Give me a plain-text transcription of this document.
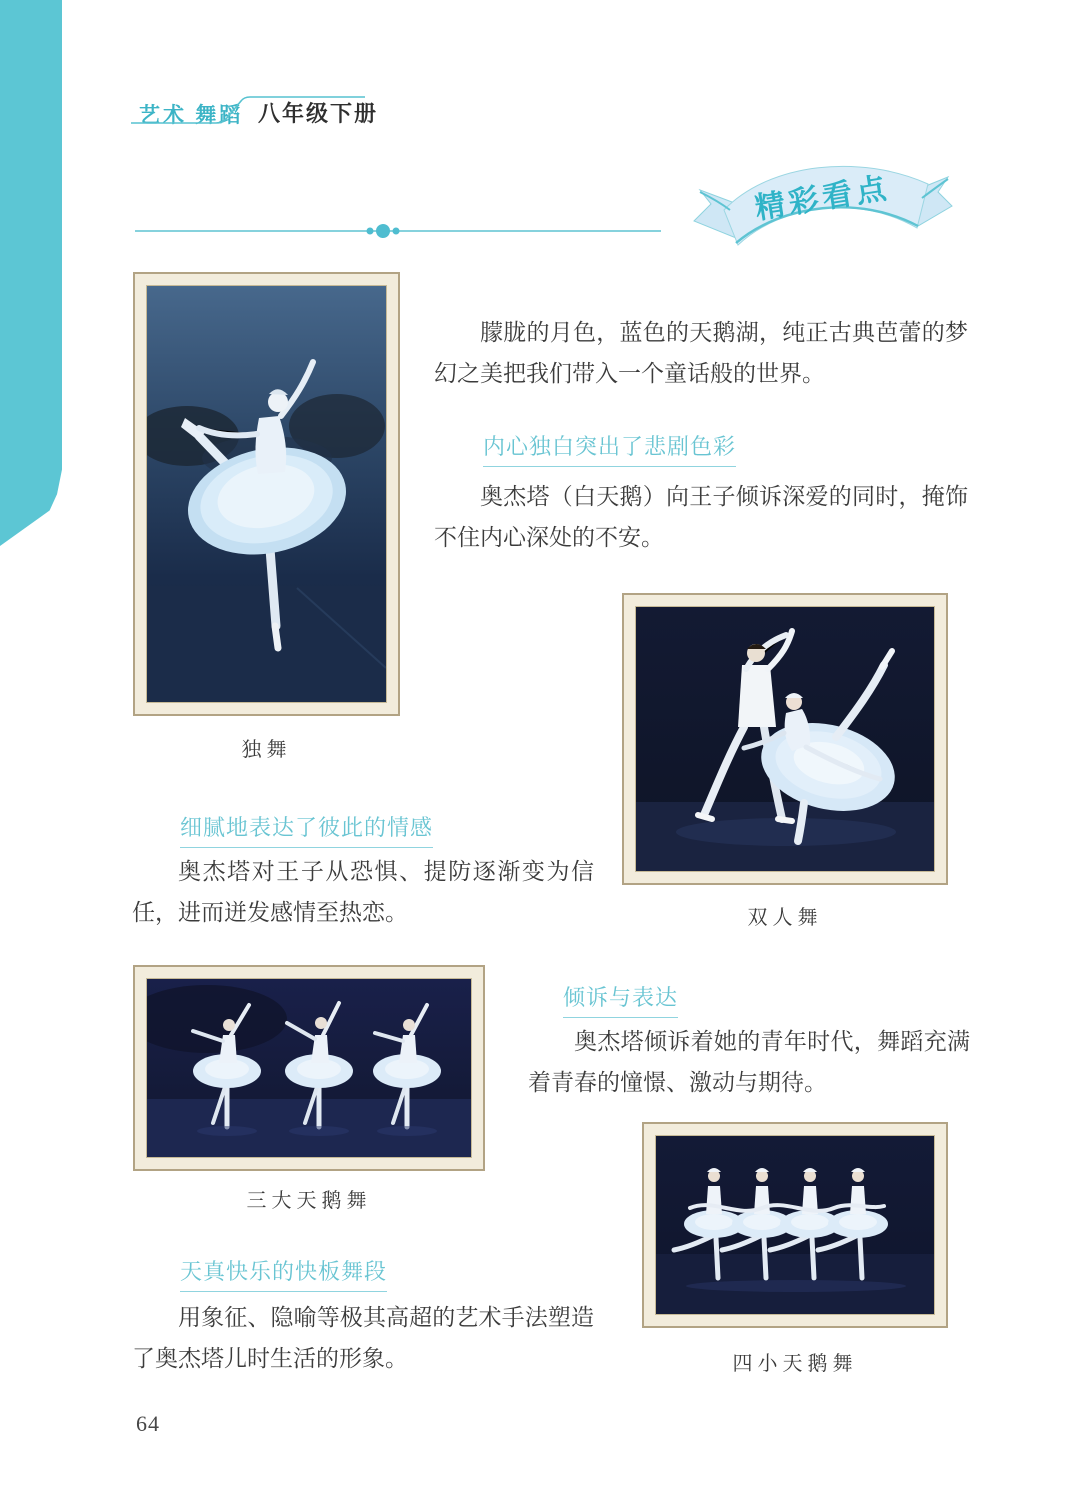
艺术 舞蹈 八年级下册
精彩看点
独舞
朦胧的月色，蓝色的天鹅湖，纯正古典芭蕾的梦幻之美把我们带入一个童话般的世界。
内心独白突出了悲剧色彩
奥杰塔（白天鹅）向王子倾诉深爱的同时，掩饰不住内心深处的不安。
双人舞
细腻地表达了彼此的情感
奥杰塔对王子从恐惧、提防逐渐变为信任，进而迸发感情至热恋。
三大天鹅舞
倾诉与表达
奥杰塔倾诉着她的青年时代，舞蹈充满着青春的憧憬、激动与期待。
四小天鹅舞
天真快乐的快板舞段
用象征、隐喻等极其高超的艺术手法塑造了奥杰塔儿时生活的形象。
64
